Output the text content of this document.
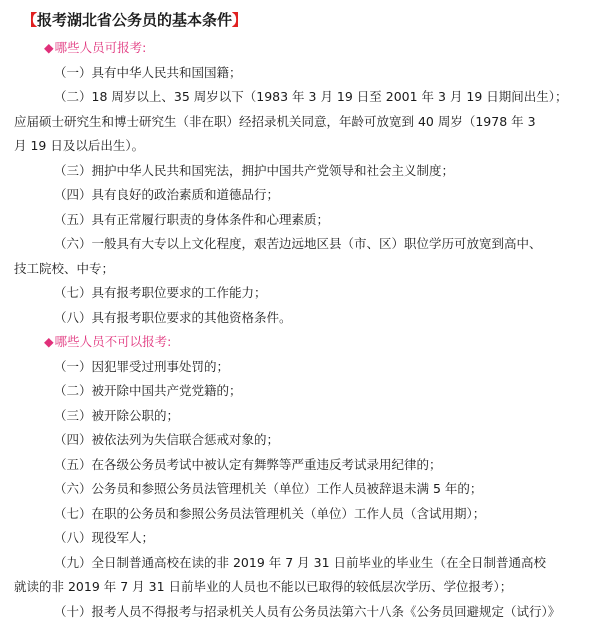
【报考湖北省公务员的基本条件】
◆哪些人员可报考:
（一）具有中华人民共和国国籍；
（二）18 周岁以上、35 周岁以下（1983 年 3 月 19 日至 2001 年 3 月 19 日期间出生）；
应届硕士研究生和博士研究生（非在职）经招录机关同意，年龄可放宽到 40 周岁（1978 年 3
月 19 日及以后出生）。
（三）拥护中华人民共和国宪法，拥护中国共产党领导和社会主义制度；
（四）具有良好的政治素质和道德品行；
（五）具有正常履行职责的身体条件和心理素质；
（六）一般具有大专以上文化程度，艰苦边远地区县（市、区）职位学历可放宽到高中、
技工院校、中专；
（七）具有报考职位要求的工作能力；
（八）具有报考职位要求的其他资格条件。
◆哪些人员不可以报考:
（一）因犯罪受过刑事处罚的；
（二）被开除中国共产党党籍的；
（三）被开除公职的；
（四）被依法列为失信联合惩戒对象的；
（五）在各级公务员考试中被认定有舞弊等严重违反考试录用纪律的；
（六）公务员和参照公务员法管理机关（单位）工作人员被辞退未满 5 年的；
（七）在职的公务员和参照公务员法管理机关（单位）工作人员（含试用期）；
（八）现役军人；
（九）全日制普通高校在读的非 2019 年 7 月 31 日前毕业的毕业生（在全日制普通高校
就读的非 2019 年 7 月 31 日前毕业的人员也不能以已取得的较低层次学历、学位报考）；
（十）报考人员不得报考与招录机关人员有公务员法第六十八条《公务员回避规定（试行）》
